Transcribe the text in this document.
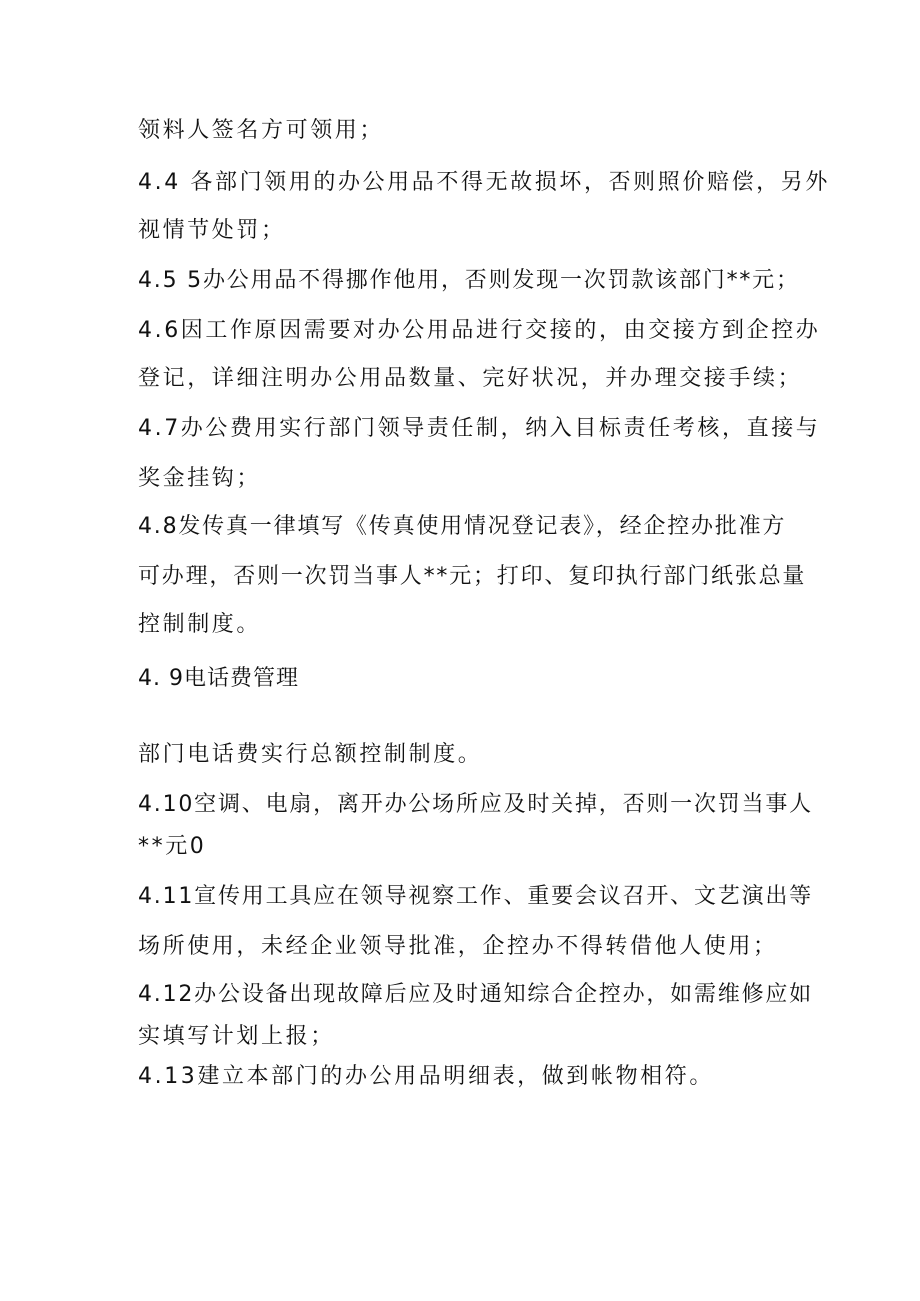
领料人签名方可领用；
4.4 各部门领用的办公用品不得无故损坏，否则照价赔偿，另外
视情节处罚；
4.5 5办公用品不得挪作他用，否则发现一次罚款该部门**元；
4.6因工作原因需要对办公用品进行交接的，由交接方到企控办
登记，详细注明办公用品数量、完好状况，并办理交接手续；
4.7办公费用实行部门领导责任制，纳入目标责任考核，直接与
奖金挂钩；
4.8发传真一律填写《传真使用情况登记表》，经企控办批准方
可办理，否则一次罚当事人**元；打印、复印执行部门纸张总量
控制制度。
4. 9电话费管理
部门电话费实行总额控制制度。
4.10空调、电扇，离开办公场所应及时关掉，否则一次罚当事人
**元0
4.11宣传用工具应在领导视察工作、重要会议召开、文艺演出等
场所使用，未经企业领导批准，企控办不得转借他人使用；
4.12办公设备出现故障后应及时通知综合企控办，如需维修应如
实填写计划上报；
4.13建立本部门的办公用品明细表，做到帐物相符。
